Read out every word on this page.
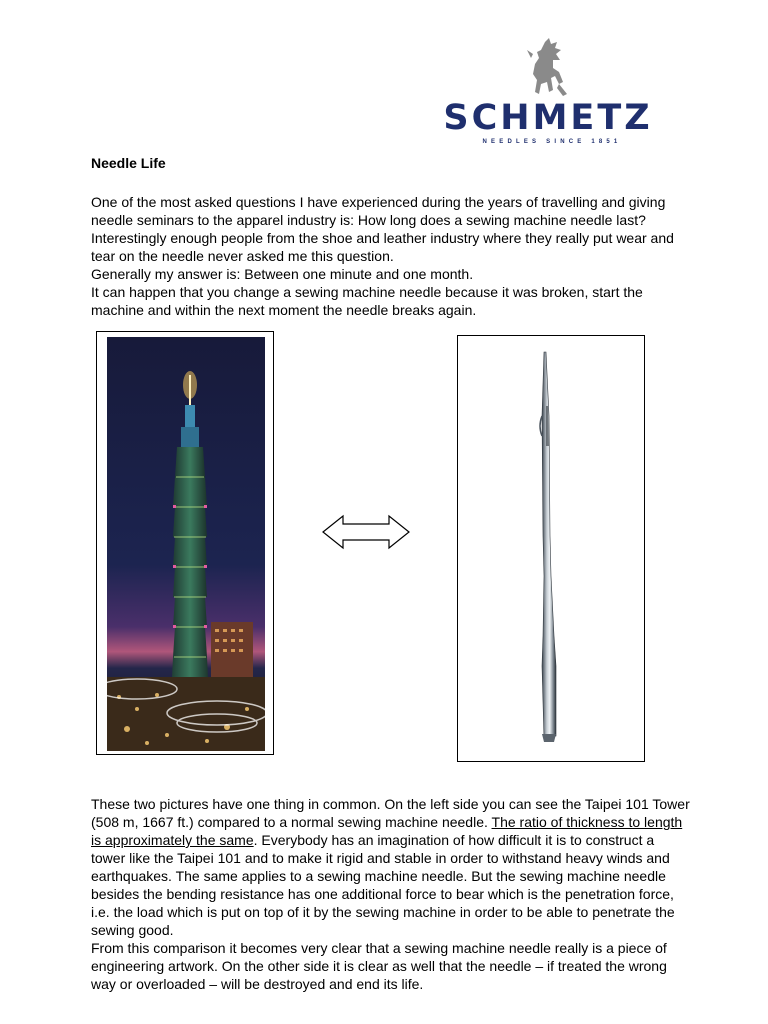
SCHMETZ
NEEDLES SINCE 1851
Needle Life

One of the most asked questions I have experienced during the years of travelling and giving needle seminars to the apparel industry is: How long does a sewing machine needle last? Interestingly enough people from the shoe and leather industry where they really put wear and tear on the needle never asked me this question.

Generally my answer is: Between one minute and one month.

It can happen that you change a sewing machine needle because it was broken, start the machine and within the next moment the needle breaks again.

These two pictures have one thing in common. On the left side you can see the Taipei 101 Tower (508 m, 1667 ft.) compared to a normal sewing machine needle. The ratio of thickness to length is approximately the same. Everybody has an imagination of how difficult it is to construct a tower like the Taipei 101 and to make it rigid and stable in order to withstand heavy winds and earthquakes. The same applies to a sewing machine needle. But the sewing machine needle besides the bending resistance has one additional force to bear which is the penetration force, i.e. the load which is put on top of it by the sewing machine in order to be able to penetrate the sewing good.

From this comparison it becomes very clear that a sewing machine needle really is a piece of engineering artwork. On the other side it is clear as well that the needle – if treated the wrong way or overloaded – will be destroyed and end its life.
